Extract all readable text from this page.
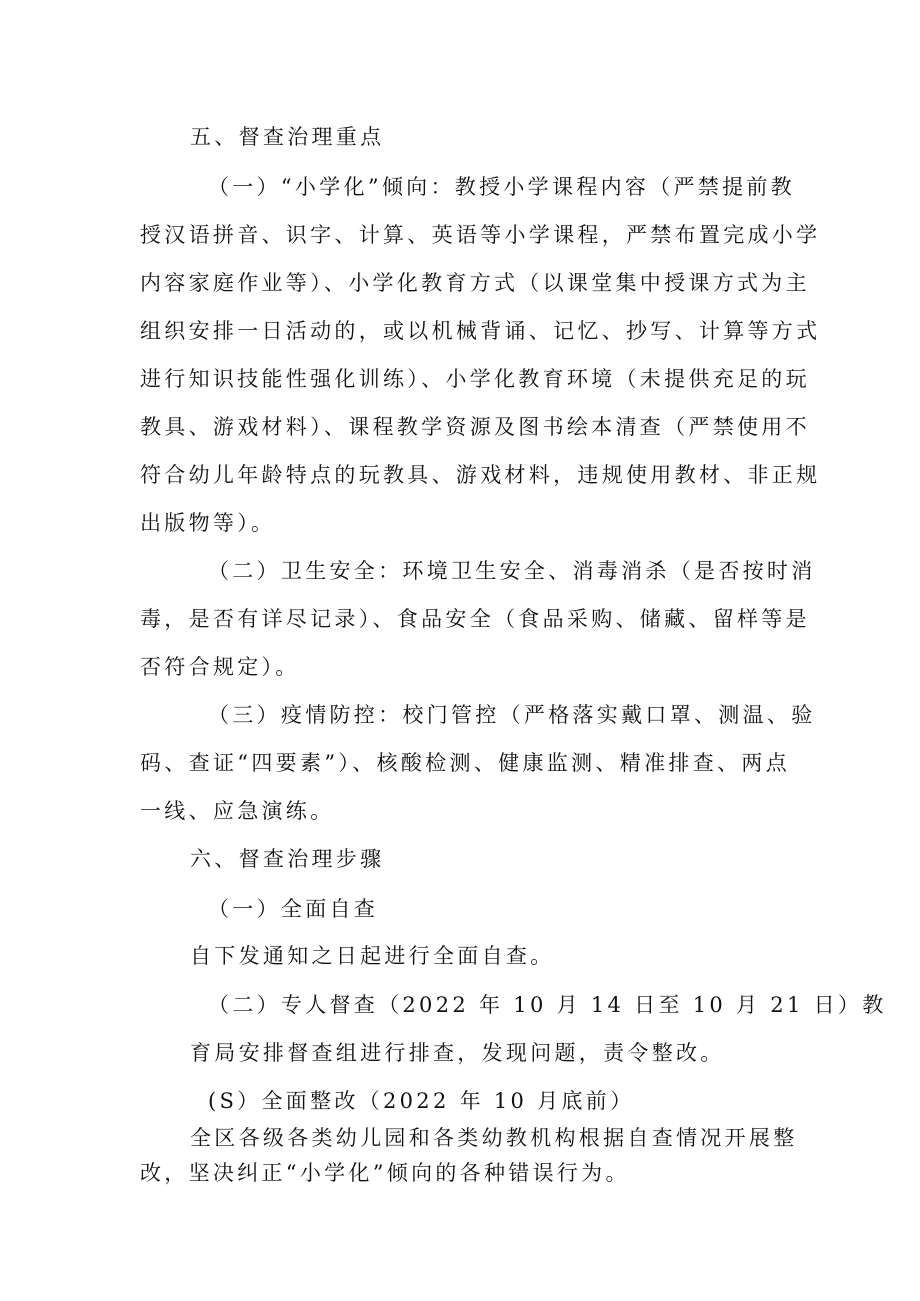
五、督查治理重点
（一）“小学化”倾向：教授小学课程内容（严禁提前教
授汉语拼音、识字、计算、英语等小学课程，严禁布置完成小学
内容家庭作业等）、小学化教育方式（以课堂集中授课方式为主
组织安排一日活动的，或以机械背诵、记忆、抄写、计算等方式
进行知识技能性强化训练）、小学化教育环境（未提供充足的玩
教具、游戏材料）、课程教学资源及图书绘本清查（严禁使用不
符合幼儿年龄特点的玩教具、游戏材料，违规使用教材、非正规
出版物等）。
（二）卫生安全：环境卫生安全、消毒消杀（是否按时消
毒，是否有详尽记录）、食品安全（食品采购、储藏、留样等是
否符合规定）。
（三）疫情防控：校门管控（严格落实戴口罩、测温、验
码、查证“四要素”）、核酸检测、健康监测、精准排查、两点
一线、应急演练。
六、督查治理步骤
（一）全面自查
自下发通知之日起进行全面自查。
（二）专人督查（2022 年 10 月 14 日至 10 月 21 日）教
育局安排督查组进行排查，发现问题，责令整改。
(S）全面整改（2022 年 10 月底前）
全区各级各类幼儿园和各类幼教机构根据自查情况开展整
改，坚决纠正“小学化”倾向的各种错误行为。
